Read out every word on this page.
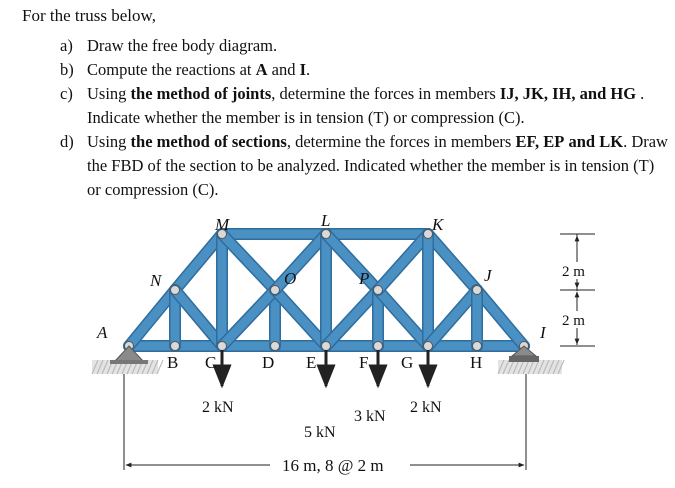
For the truss below,
a) Draw the free body diagram.
b) Compute the reactions at A and I.
c) Using the method of joints, determine the forces in members IJ, JK, IH, and HG . Indicate whether the member is in tension (T) or compression (C).
d) Using the method of sections, determine the forces in members EF, EP and LK. Draw the FBD of the section to be analyzed. Indicated whether the member is in tension (T) or compression (C).
2 kN
5 kN
3 kN
2 kN
2 m
2 m
16 m, 8 @ 2 m
A
B C	D E	F G	H
I
J
K
L
M
N	O	P
